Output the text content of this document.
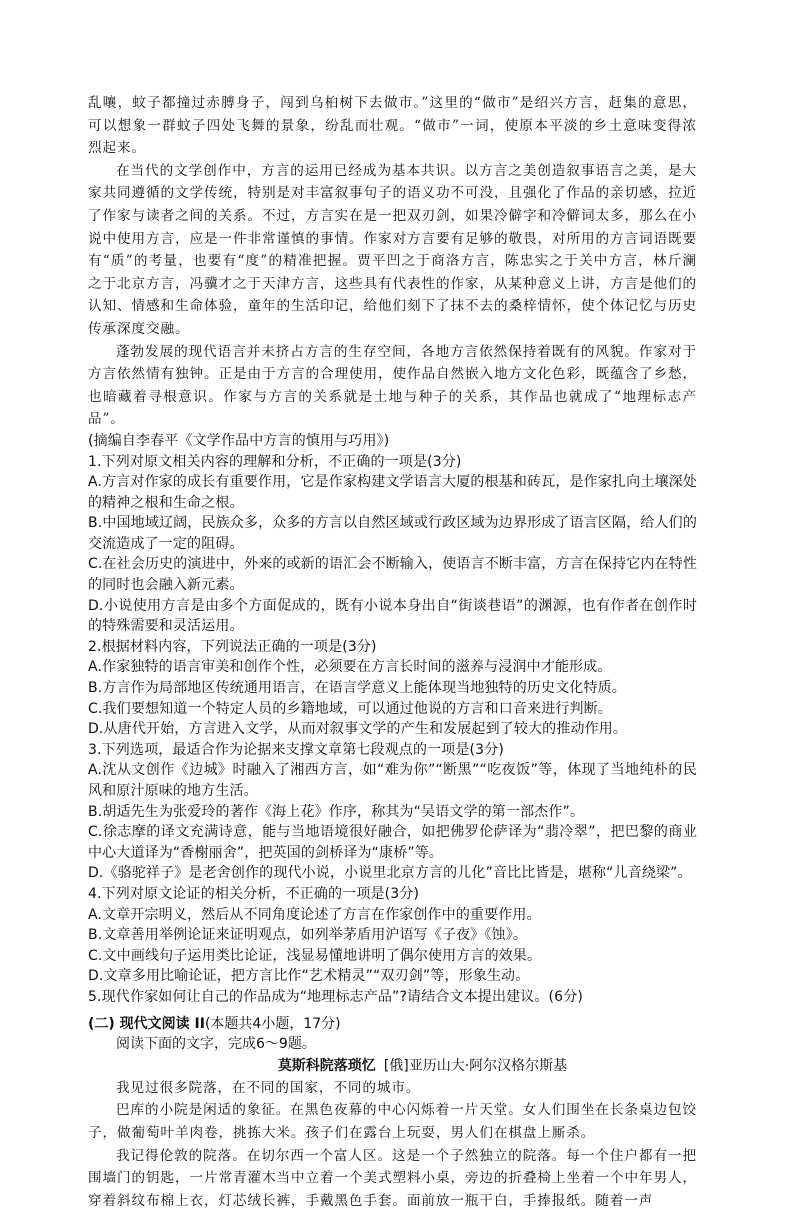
乱嚷，蚊子都撞过赤膊身子，闯到乌桕树下去做市。”这里的“做市”是绍兴方言，赶集的意思，可以想象一群蚊子四处飞舞的景象，纷乱而壮观。“做市”一词，使原本平淡的乡土意味变得浓烈起来。

在当代的文学创作中，方言的运用已经成为基本共识。以方言之美创造叙事语言之美，是大家共同遵循的文学传统，特别是对丰富叙事句子的语义功不可没，且强化了作品的亲切感，拉近了作家与读者之间的关系。不过，方言实在是一把双刃剑，如果冷僻字和冷僻词太多，那么在小说中使用方言，应是一件非常谨慎的事情。作家对方言要有足够的敬畏，对所用的方言词语既要有“质”的考量，也要有“度”的精准把握。贾平凹之于商洛方言，陈忠实之于关中方言，林斤澜之于北京方言，冯骥才之于天津方言，这些具有代表性的作家，从某种意义上讲，方言是他们的认知、情感和生命体验，童年的生活印记，给他们刻下了抹不去的桑梓情怀，使个体记忆与历史传承深度交融。

蓬勃发展的现代语言并未挤占方言的生存空间，各地方言依然保持着既有的风貌。作家对于方言依然情有独钟。正是由于方言的合理使用，使作品自然嵌入地方文化色彩，既蕴含了乡愁，也暗藏着寻根意识。作家与方言的关系就是土地与种子的关系，其作品也就成了“地理标志产品”。

(摘编自李春平《文学作品中方言的慎用与巧用》)

1.下列对原文相关内容的理解和分析，不正确的一项是(3分)

A.方言对作家的成长有重要作用，它是作家构建文学语言大厦的根基和砖瓦，是作家扎向土壤深处的精神之根和生命之根。

B.中国地域辽阔，民族众多，众多的方言以自然区域或行政区域为边界形成了语言区隔，给人们的交流造成了一定的阻碍。

C.在社会历史的演进中，外来的或新的语汇会不断输入，使语言不断丰富，方言在保持它内在特性的同时也会融入新元素。

D.小说使用方言是由多个方面促成的，既有小说本身出自“街谈巷语”的渊源，也有作者在创作时的特殊需要和灵活运用。

2.根据材料内容，下列说法正确的一项是(3分)

A.作家独特的语言审美和创作个性，必须要在方言长时间的滋养与浸润中才能形成。

B.方言作为局部地区传统通用语言，在语言学意义上能体现当地独特的历史文化特质。

C.我们要想知道一个特定人员的乡籍地域，可以通过他说的方言和口音来进行判断。

D.从唐代开始，方言进入文学，从而对叙事文学的产生和发展起到了较大的推动作用。

3.下列选项，最适合作为论据来支撑文章第七段观点的一项是(3分)

A.沈从文创作《边城》时融入了湘西方言，如“难为你”“断黑”“吃夜饭”等，体现了当地纯朴的民风和原汁原味的地方生活。

B.胡适先生为张爱玲的著作《海上花》作序，称其为“吴语文学的第一部杰作”。

C.徐志摩的译文充满诗意，能与当地语境很好融合，如把佛罗伦萨译为“翡冷翠”，把巴黎的商业中心大道译为“香榭丽舍”，把英国的剑桥译为“康桥”等。

D.《骆驼祥子》是老舍创作的现代小说，小说里北京方言的儿化”音比比皆是，堪称“儿音绕梁”。

4.下列对原文论证的相关分析，不正确的一项是(3分)

A.文章开宗明义，然后从不同角度论述了方言在作家创作中的重要作用。

B.文章善用举例论证来证明观点，如列举茅盾用沪语写《子夜》《蚀》。

C.文中画线句子运用类比论证，浅显易懂地讲明了偶尔使用方言的效果。

D.文章多用比喻论证，把方言比作“艺术精灵”“双刃剑”等，形象生动。

5.现代作家如何让自己的作品成为“地理标志产品”?请结合文本提出建议。(6分)

(二) 现代文阅读 II(本题共4小题，17分)

阅读下面的文字，完成6～9题。

莫斯科院落琐忆 [俄]亚历山大·阿尔汉格尔斯基

我见过很多院落，在不同的国家，不同的城市。

巴库的小院是闲适的象征。在黑色夜幕的中心闪烁着一片天堂。女人们围坐在长条桌边包饺子，做葡萄叶羊肉卷，挑拣大米。孩子们在露台上玩耍，男人们在棋盘上厮杀。

我记得伦敦的院落。在切尔西一个富人区。这是一个子然独立的院落。每一个住户都有一把围墙门的钥匙，一片常青灌木当中立着一个美式塑料小桌，旁边的折叠椅上坐着一个中年男人，穿着斜纹布棉上衣，灯芯绒长裤，手戴黑色手套。面前放一瓶干白，手捧报纸。随着一声
